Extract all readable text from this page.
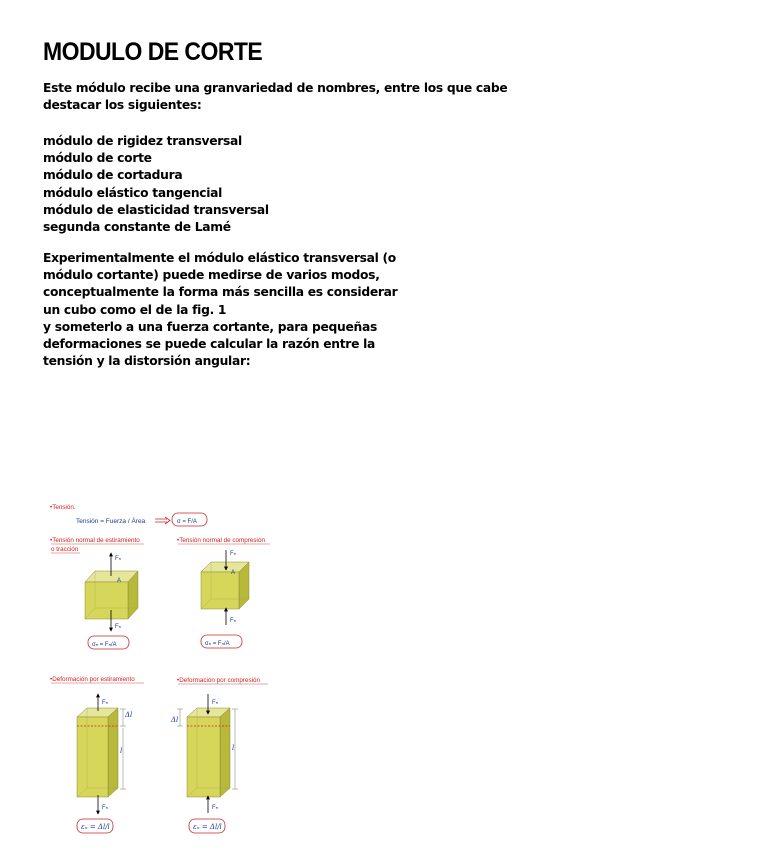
MODULO DE CORTE
Este módulo recibe una granvariedad de nombres, entre los que cabe destacar los siguientes:
módulo de rigidez transversal
módulo de corte
módulo de cortadura
módulo elástico tangencial
módulo de elasticidad transversal
segunda constante de Lamé
Experimentalmente el módulo elástico transversal (o
módulo cortante) puede medirse de varios modos,
conceptualmente la forma más sencilla es considerar
un cubo como el de la fig. 1
y someterlo a una fuerza cortante, para pequeñas
deformaciones se puede calcular la razón entre la
tensión y la distorsión angular:
•Tensión.
Tensión = Fuerza / Área	σ = F/A
•Tensión normal de estiramiento
o tracción
•Tensión normal de compresión
Fₙ
A
Fₙ
σₙ = Fₙ/A
Fₙ
A
Fₙ
σₙ = Fₙ/A
•Deformación por estiramiento	•Deformación por compresión
Fₙ
Fₙ
Δl
l
εₙ = Δl/l
Fₙ
Fₙ
Δl
l
εₙ = Δl/l
